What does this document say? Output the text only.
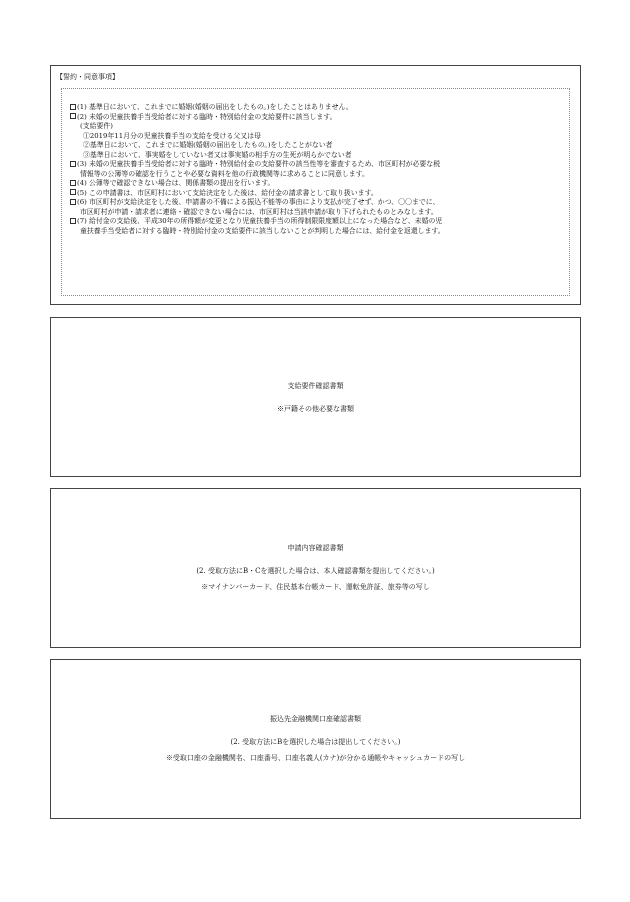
【誓約・同意事項】
(1) 基準日において、これまでに婚姻(婚姻の届出をしたもの。)をしたことはありません。
(2) 未婚の児童扶養手当受給者に対する臨時・特別給付金の支給要件に該当します。
(支給要件)
①2019年11月分の児童扶養手当の支給を受ける父又は母
②基準日において、これまでに婚姻(婚姻の届出をしたもの。)をしたことがない者
③基準日において、事実婚をしていない者又は事実婚の相手方の生死が明らかでない者
(3) 未婚の児童扶養手当受給者に対する臨時・特別給付金の支給要件の該当性等を審査するため、市区町村が必要な税
情報等の公簿等の確認を行うことや必要な資料を他の行政機関等に求めることに同意します。
(4) 公簿等で確認できない場合は、関係書類の提出を行います。
(5) この申請書は、市区町村において支給決定をした後は、給付金の請求書として取り扱います。
(6) 市区町村が支給決定をした後、申請書の不備による振込不能等の事由により支払が完了せず、かつ、〇〇までに、
市区町村が申請・請求者に連絡・確認できない場合には、市区町村は当該申請が取り下げられたものとみなします。
(7) 給付金の支給後、平成30年の所得額が変更となり児童扶養手当の所得制限限度額以上になった場合など、未婚の児
童扶養手当受給者に対する臨時・特別給付金の支給要件に該当しないことが判明した場合には、給付金を返還します。
支給要件確認書類
※戸籍その他必要な書類
申請内容確認書類
(2. 受取方法にB・Cを選択した場合は、本人確認書類を提出してください。)
※マイナンバーカード、住民基本台帳カード、運転免許証、旅券等の写し
振込先金融機関口座確認書類
(2. 受取方法にBを選択した場合は提出してください。)
※受取口座の金融機関名、口座番号、口座名義人(カナ)が分かる通帳やキャッシュカードの写し
